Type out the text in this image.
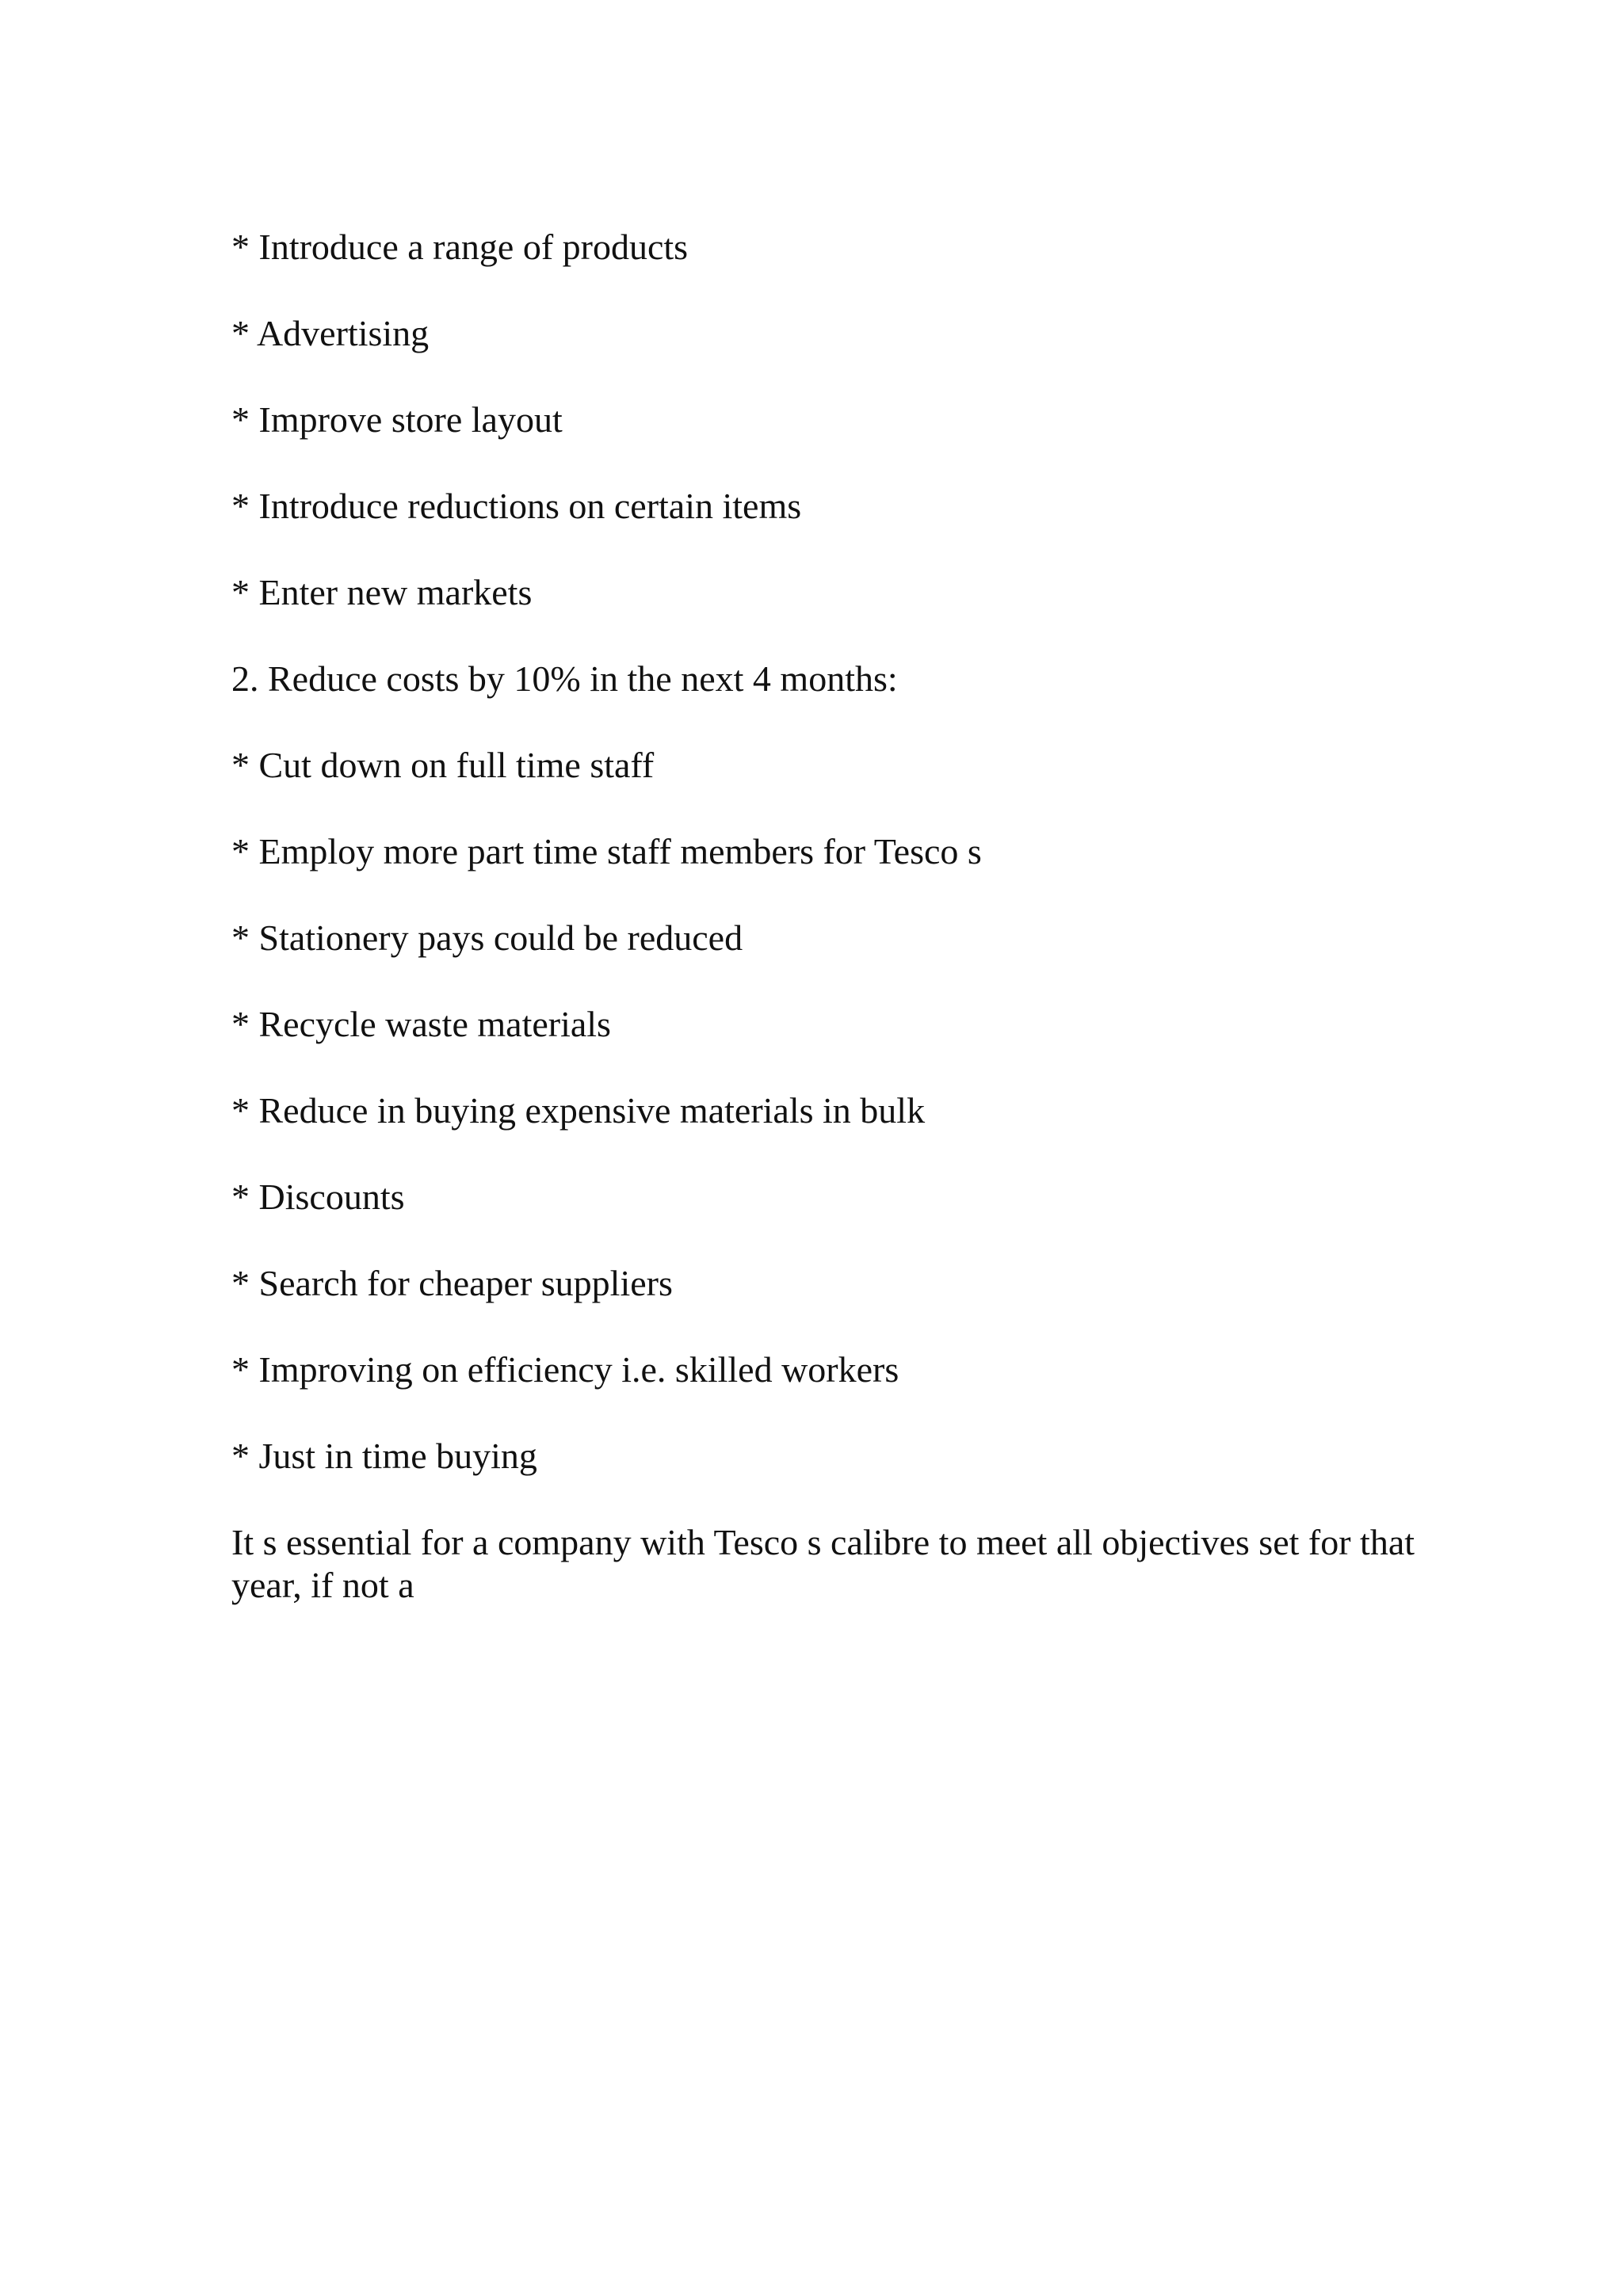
* Introduce a range of products
* Advertising
* Improve store layout
* Introduce reductions on certain items
* Enter new markets
2. Reduce costs by 10% in the next 4 months:
* Cut down on full time staff
* Employ more part time staff members for Tesco s
* Stationery pays could be reduced
* Recycle waste materials
* Reduce in buying expensive materials in bulk
* Discounts
* Search for cheaper suppliers
* Improving on efficiency i.e. skilled workers
* Just in time buying

It s essential for a company with Tesco s calibre to meet all objectives set for that year, if not a
